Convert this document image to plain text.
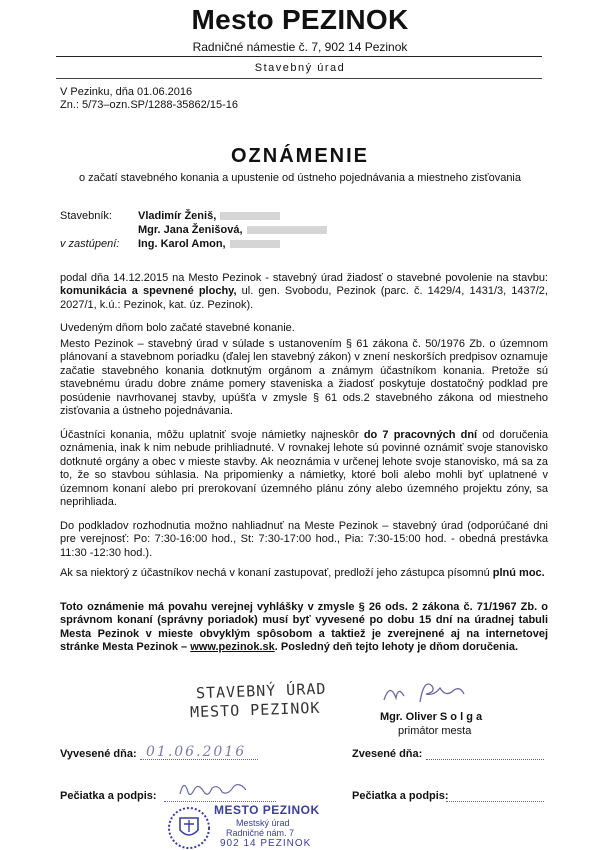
Mesto PEZINOK
Radničné námestie č. 7, 902 14 Pezinok
Stavebný úrad
V Pezinku, dňa 01.06.2016
Zn.: 5/73–ozn.SP/1288-35862/15-16
OZNÁMENIE
o začatí stavebného konania a upustenie od ústneho pojednávania a miestneho zisťovania
Stavebník: Vladimír Ženiš,
Mgr. Jana Ženišová,
v zastúpení: Ing. Karol Amon,
podal dňa 14.12.2015 na Mesto Pezinok - stavebný úrad žiadosť o stavebné povolenie na stavbu: komunikácia a spevnené plochy, ul. gen. Svobodu, Pezinok (parc. č. 1429/4, 1431/3, 1437/2, 2027/1, k.ú.: Pezinok, kat. úz. Pezinok).
Uvedeným dňom bolo začaté stavebné konanie.
Mesto Pezinok – stavebný úrad v súlade s ustanovením § 61 zákona č. 50/1976 Zb. o územnom plánovaní a stavebnom poriadku (ďalej len stavebný zákon) v znení neskorších predpisov oznamuje začatie stavebného konania dotknutým orgánom a známym účastníkom konania. Pretože sú stavebnému úradu dobre známe pomery staveniska a žiadosť poskytuje dostatočný podklad pre posúdenie navrhovanej stavby, upúšťa v zmysle § 61 ods.2 stavebného zákona od miestneho zisťovania a ústneho pojednávania.
Účastníci konania, môžu uplatniť svoje námietky najneskôr do 7 pracovných dní od doručenia oznámenia, inak k nim nebude prihliadnuté. V rovnakej lehote sú povinné oznámiť svoje stanovisko dotknuté orgány a obec v mieste stavby. Ak neoznámia v určenej lehote svoje stanovisko, má sa za to, že so stavbou súhlasia. Na pripomienky a námietky, ktoré boli alebo mohli byť uplatnené v územnom konaní alebo pri prerokovaní územného plánu zóny alebo územného projektu zóny, sa neprihliada.
Do podkladov rozhodnutia možno nahliadnuť na Meste Pezinok – stavebný úrad (odporúčané dni pre verejnosť: Po: 7:30-16:00 hod., St: 7:30-17:00 hod., Pia: 7:30-15:00 hod. - obedná prestávka 11:30 -12:30 hod.).
Ak sa niektorý z účastníkov nechá v konaní zastupovať, predloží jeho zástupca písomnú plnú moc.
Toto oznámenie má povahu verejnej vyhlášky v zmysle § 26 ods. 2 zákona č. 71/1967 Zb. o správnom konaní (správny poriadok) musí byť vyvesené po dobu 15 dní na úradnej tabuli Mesta Pezinok v mieste obvyklým spôsobom a taktiež je zverejnené aj na internetovej stránke Mesta Pezinok – www.pezinok.sk. Posledný deň tejto lehoty je dňom doručenia.
STAVEBNÝ ÚRAD
MESTO PEZINOK	Mgr. Oliver S o l g a
primátor mesta
Vyvesené dňa: 01.06.2016	Zvesené dňa:
Pečiatka a podpis:	Pečiatka a podpis:
MESTO PEZINOK
Mestský úrad
Radničné nám. 7
902 14 PEZINOK
